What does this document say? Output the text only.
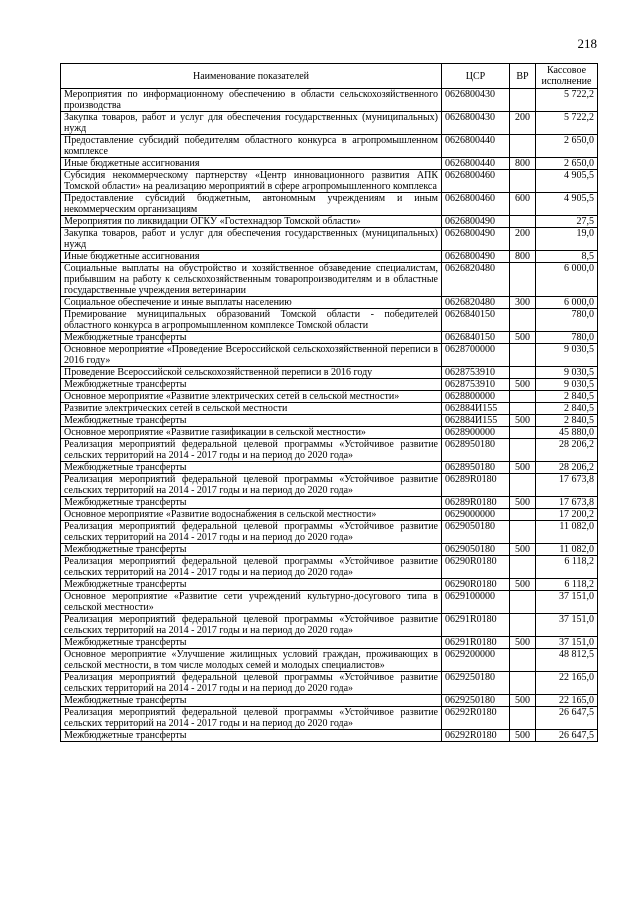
218
Наименование показателей	ЦСР	ВР	Кассовое исполнение
Мероприятия по информационному обеспечению в области сельскохозяйственного производства	0626800430		5 722,2
Закупка товаров, работ и услуг для обеспечения государственных (муниципальных) нужд	0626800430	200	5 722,2
Предоставление субсидий победителям областного конкурса в агропромышленном комплексе	0626800440		2 650,0
Иные бюджетные ассигнования	0626800440	800	2 650,0
Субсидия некоммерческому партнерству «Центр инновационного развития АПК Томской области» на реализацию мероприятий в сфере агропромышленного комплекса	0626800460		4 905,5
Предоставление субсидий бюджетным, автономным учреждениям и иным некоммерческим организациям	0626800460	600	4 905,5
Мероприятия по ликвидации ОГКУ «Гостехнадзор Томской области»	0626800490		27,5
Закупка товаров, работ и услуг для обеспечения государственных (муниципальных) нужд	0626800490	200	19,0
Иные бюджетные ассигнования	0626800490	800	8,5
Социальные выплаты на обустройство и хозяйственное обзаведение специалистам, прибывшим на работу к сельскохозяйственным товаропроизводителям и в областные государственные учреждения ветеринарии	0626820480		6 000,0
Социальное обеспечение и иные выплаты населению	0626820480	300	6 000,0
Премирование муниципальных образований Томской области - победителей областного конкурса в агропромышленном комплексе Томской области	0626840150		780,0
Межбюджетные трансферты	0626840150	500	780,0
Основное мероприятие «Проведение Всероссийской сельскохозяйственной переписи в 2016 году»	0628700000		9 030,5
Проведение Всероссийской сельскохозяйственной переписи в 2016 году	0628753910		9 030,5
Межбюджетные трансферты	0628753910	500	9 030,5
Основное мероприятие «Развитие электрических сетей в сельской местности»	0628800000		2 840,5
Развитие электрических сетей в сельской местности	062884И155		2 840,5
Межбюджетные трансферты	062884И155	500	2 840,5
Основное мероприятие «Развитие газификации в сельской местности»	0628900000		45 880,0
Реализация мероприятий федеральной целевой программы «Устойчивое развитие сельских территорий на 2014 - 2017 годы и на период до 2020 года»	0628950180		28 206,2
Межбюджетные трансферты	0628950180	500	28 206,2
Реализация мероприятий федеральной целевой программы «Устойчивое развитие сельских территорий на 2014 - 2017 годы и на период до 2020 года»	06289R0180		17 673,8
Межбюджетные трансферты	06289R0180	500	17 673,8
Основное мероприятие «Развитие водоснабжения в сельской местности»	0629000000		17 200,2
Реализация мероприятий федеральной целевой программы «Устойчивое развитие сельских территорий на 2014 - 2017 годы и на период до 2020 года»	0629050180		11 082,0
Межбюджетные трансферты	0629050180	500	11 082,0
Реализация мероприятий федеральной целевой программы «Устойчивое развитие сельских территорий на 2014 - 2017 годы и на период до 2020 года»	06290R0180		6 118,2
Межбюджетные трансферты	06290R0180	500	6 118,2
Основное мероприятие «Развитие сети учреждений культурно-досугового типа в сельской местности»	0629100000		37 151,0
Реализация мероприятий федеральной целевой программы «Устойчивое развитие сельских территорий на 2014 - 2017 годы и на период до 2020 года»	06291R0180		37 151,0
Межбюджетные трансферты	06291R0180	500	37 151,0
Основное мероприятие «Улучшение жилищных условий граждан, проживающих в сельской местности, в том числе молодых семей и молодых специалистов»	0629200000		48 812,5
Реализация мероприятий федеральной целевой программы «Устойчивое развитие сельских территорий на 2014 - 2017 годы и на период до 2020 года»	0629250180		22 165,0
Межбюджетные трансферты	0629250180	500	22 165,0
Реализация мероприятий федеральной целевой программы «Устойчивое развитие сельских территорий на 2014 - 2017 годы и на период до 2020 года»	06292R0180		26 647,5
Межбюджетные трансферты	06292R0180	500	26 647,5
